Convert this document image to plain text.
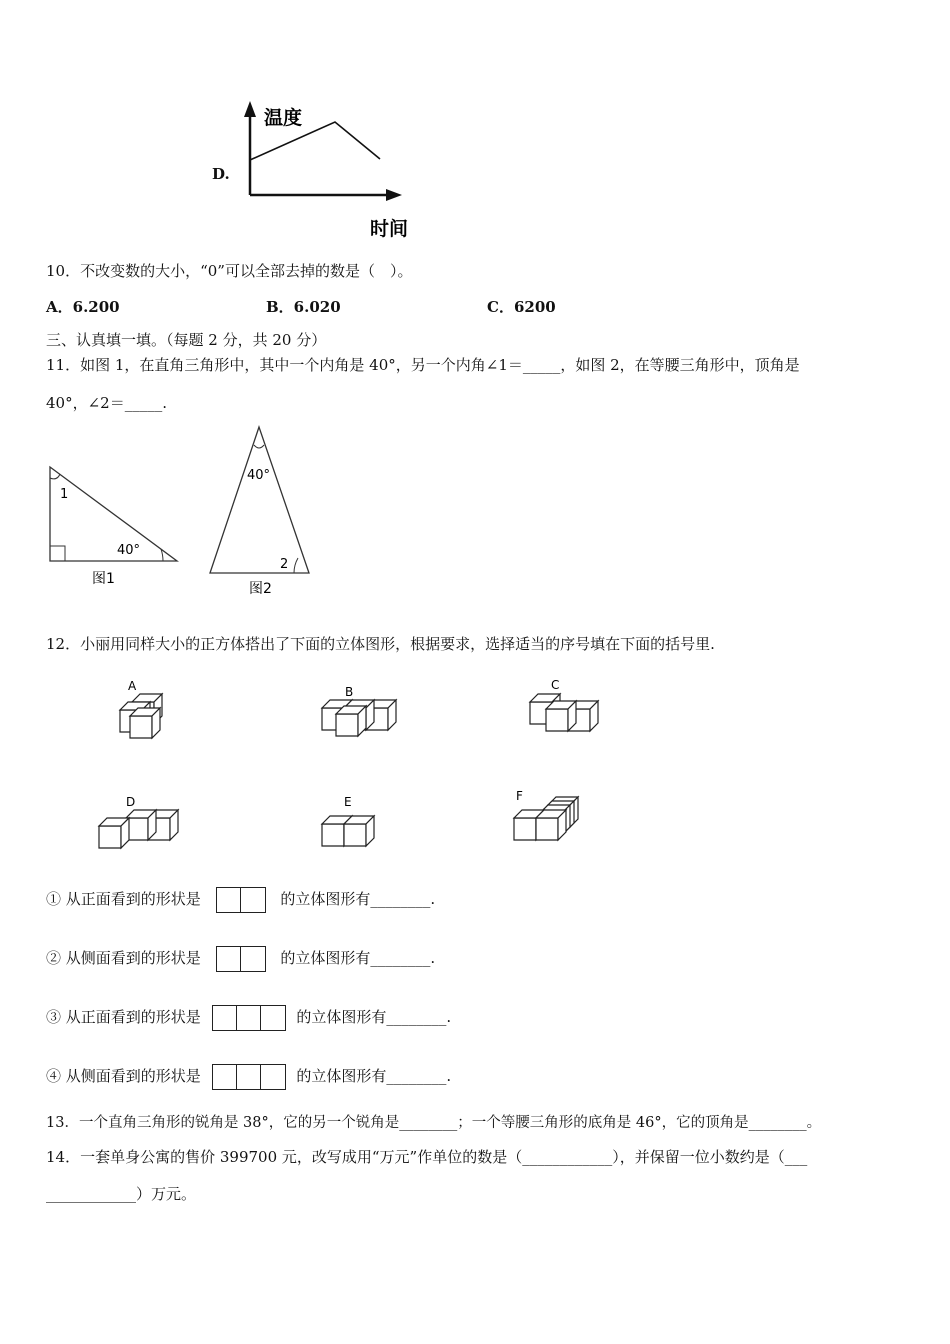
D.
温度
时间
10．不改变数的大小，“0”可以全部去掉的数是（　）。
A．6.200	B．6.020	C．6200
三、认真填一填。（每题 2 分，共 20 分）
11．如图 1，在直角三角形中，其中一个内角是 40°，另一个内角∠1＝_____，如图 2，在等腰三角形中，顶角是
40°，∠2＝_____.
1
40°
图1
40°
2
图2
12．小丽用同样大小的正方体搭出了下面的立体图形，根据要求，选择适当的序号填在下面的括号里.
A	B	C
D	E	F
① 从正面看到的形状是	的立体图形有________.
② 从侧面看到的形状是	的立体图形有________.
③ 从正面看到的形状是	的立体图形有________.
④ 从侧面看到的形状是	的立体图形有________.
13．一个直角三角形的锐角是 38°，它的另一个锐角是________；一个等腰三角形的底角是 46°，它的顶角是________。
14．一套单身公寓的售价 399700 元，改写成用“万元”作单位的数是（____________），并保留一位小数约是（___
____________）万元。
